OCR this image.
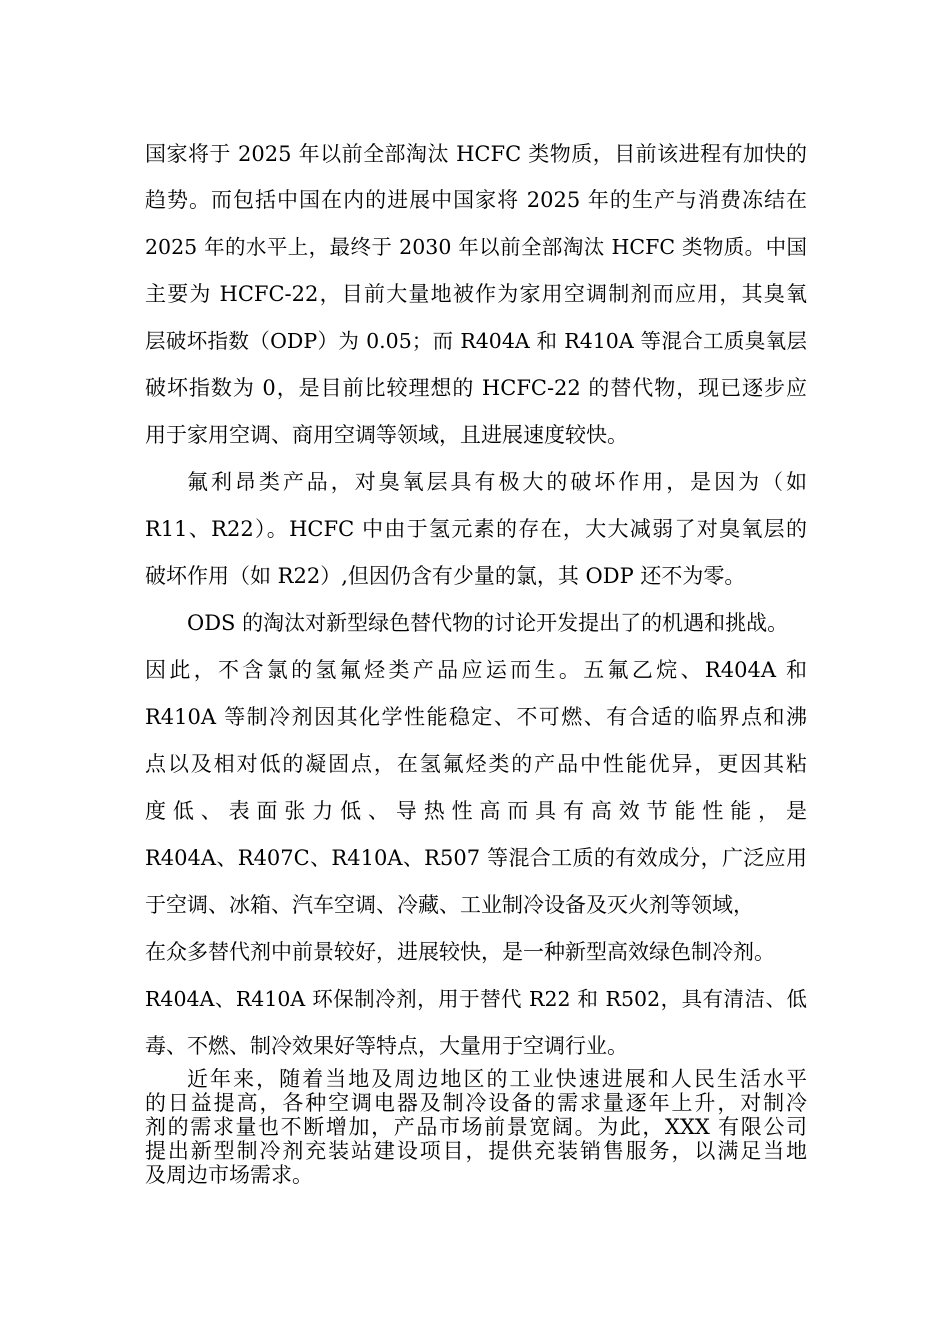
国家将于 2025 年以前全部淘汰 HCFC 类物质，目前该进程有加快的
趋势。而包括中国在内的进展中国家将 2025 年的生产与消费冻结在
2025 年的水平上，最终于 2030 年以前全部淘汰 HCFC 类物质。中国
主要为 HCFC-22，目前大量地被作为家用空调制剂而应用，其臭氧
层破坏指数（ODP）为 0.05；而 R404A 和 R410A 等混合工质臭氧层
破坏指数为 0，是目前比较理想的 HCFC-22 的替代物，现已逐步应
用于家用空调、商用空调等领域，且进展速度较快。
氟利昂类产品，对臭氧层具有极大的破坏作用，是因为（如
R11、R22）。HCFC 中由于氢元素的存在，大大减弱了对臭氧层的
破坏作用（如 R22）,但因仍含有少量的氯，其 ODP 还不为零。
ODS 的淘汰对新型绿色替代物的讨论开发提出了的机遇和挑战。
因此，不含氯的氢氟烃类产品应运而生。五氟乙烷、R404A 和
R410A 等制冷剂因其化学性能稳定、不可燃、有合适的临界点和沸
点以及相对低的凝固点，在氢氟烃类的产品中性能优异，更因其粘
度低、表面张力低、导热性高而具有高效节能性能，是
R404A、R407C、R410A、R507 等混合工质的有效成分，广泛应用
于空调、冰箱、汽车空调、冷藏、工业制冷设备及灭火剂等领域，
在众多替代剂中前景较好，进展较快，是一种新型高效绿色制冷剂。
R404A、R410A 环保制冷剂，用于替代 R22 和 R502，具有清洁、低
毒、不燃、制冷效果好等特点，大量用于空调行业。
近年来，随着当地及周边地区的工业快速进展和人民生活水平
的日益提高，各种空调电器及制冷设备的需求量逐年上升，对制冷
剂的需求量也不断增加，产品市场前景宽阔。为此，XXX 有限公司
提出新型制冷剂充装站建设项目，提供充装销售服务，以满足当地
及周边市场需求。
